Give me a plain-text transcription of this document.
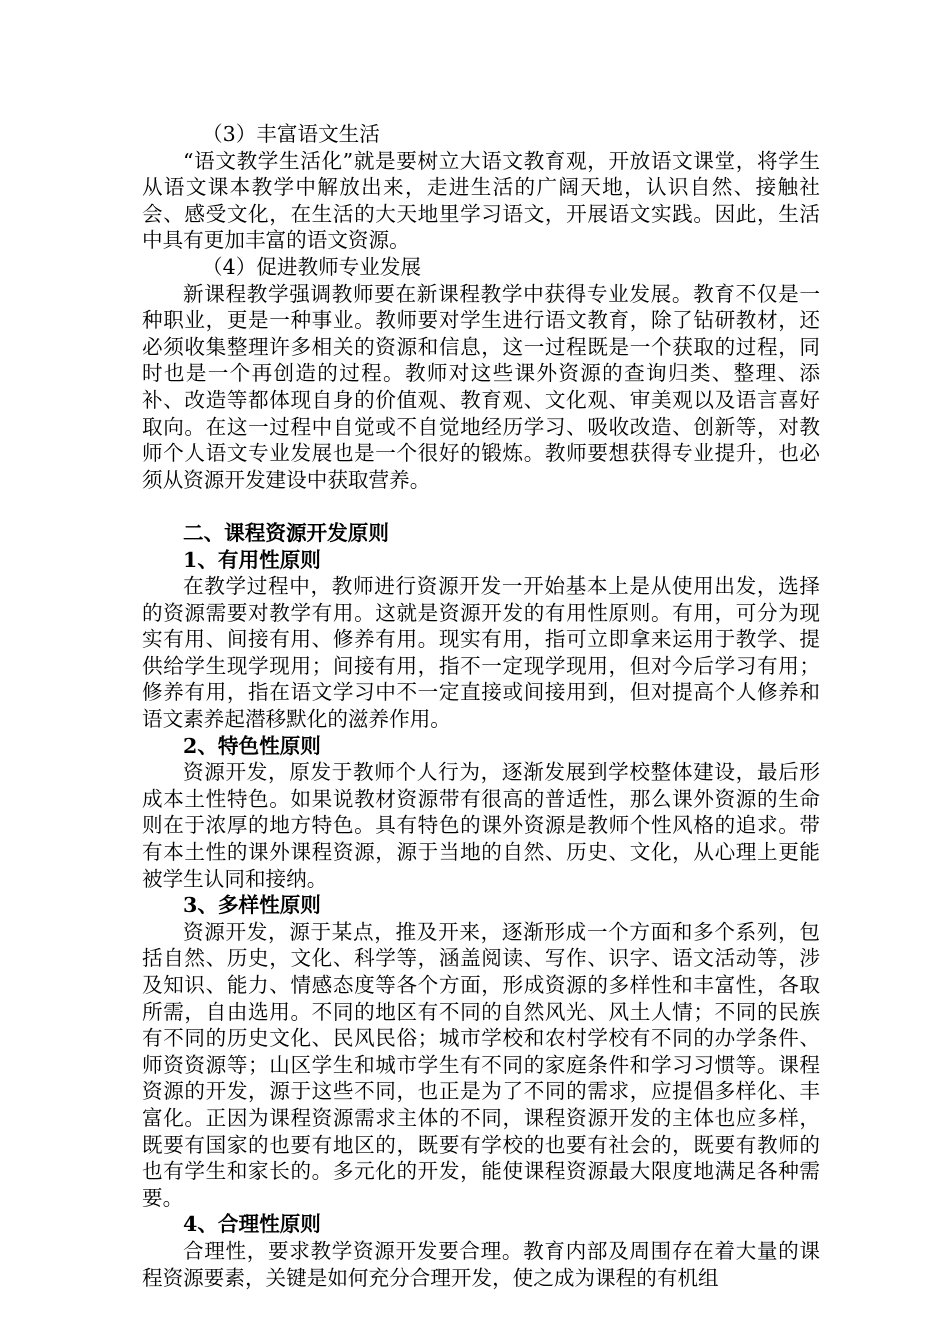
（3）丰富语文生活

“语文教学生活化”就是要树立大语文教育观，开放语文课堂，将学生从语文课本教学中解放出来，走进生活的广阔天地，认识自然、接触社会、感受文化，在生活的大天地里学习语文，开展语文实践。因此，生活中具有更加丰富的语文资源。

（4）促进教师专业发展

新课程教学强调教师要在新课程教学中获得专业发展。教育不仅是一种职业，更是一种事业。教师要对学生进行语文教育，除了钻研教材，还必须收集整理许多相关的资源和信息，这一过程既是一个获取的过程，同时也是一个再创造的过程。教师对这些课外资源的查询归类、整理、添补、改造等都体现自身的价值观、教育观、文化观、审美观以及语言喜好取向。在这一过程中自觉或不自觉地经历学习、吸收改造、创新等，对教师个人语文专业发展也是一个很好的锻炼。教师要想获得专业提升，也必须从资源开发建设中获取营养。

二、课程资源开发原则
1、有用性原则

在教学过程中，教师进行资源开发一开始基本上是从使用出发，选择的资源需要对教学有用。这就是资源开发的有用性原则。有用，可分为现实有用、间接有用、修养有用。现实有用，指可立即拿来运用于教学、提供给学生现学现用；间接有用，指不一定现学现用，但对今后学习有用；修养有用，指在语文学习中不一定直接或间接用到，但对提高个人修养和语文素养起潜移默化的滋养作用。

2、特色性原则

资源开发，原发于教师个人行为，逐渐发展到学校整体建设，最后形成本土性特色。如果说教材资源带有很高的普适性，那么课外资源的生命则在于浓厚的地方特色。具有特色的课外资源是教师个性风格的追求。带有本土性的课外课程资源，源于当地的自然、历史、文化，从心理上更能被学生认同和接纳。

3、多样性原则

资源开发，源于某点，推及开来，逐渐形成一个方面和多个系列，包括自然、历史，文化、科学等，涵盖阅读、写作、识字、语文活动等，涉及知识、能力、情感态度等各个方面，形成资源的多样性和丰富性，各取所需，自由选用。不同的地区有不同的自然风光、风土人情；不同的民族有不同的历史文化、民风民俗；城市学校和农村学校有不同的办学条件、师资资源等；山区学生和城市学生有不同的家庭条件和学习习惯等。课程资源的开发，源于这些不同，也正是为了不同的需求，应提倡多样化、丰富化。正因为课程资源需求主体的不同，课程资源开发的主体也应多样，既要有国家的也要有地区的，既要有学校的也要有社会的，既要有教师的也有学生和家长的。多元化的开发，能使课程资源最大限度地满足各种需要。

4、合理性原则

合理性，要求教学资源开发要合理。教育内部及周围存在着大量的课程资源要素，关键是如何充分合理开发，使之成为课程的有机组
